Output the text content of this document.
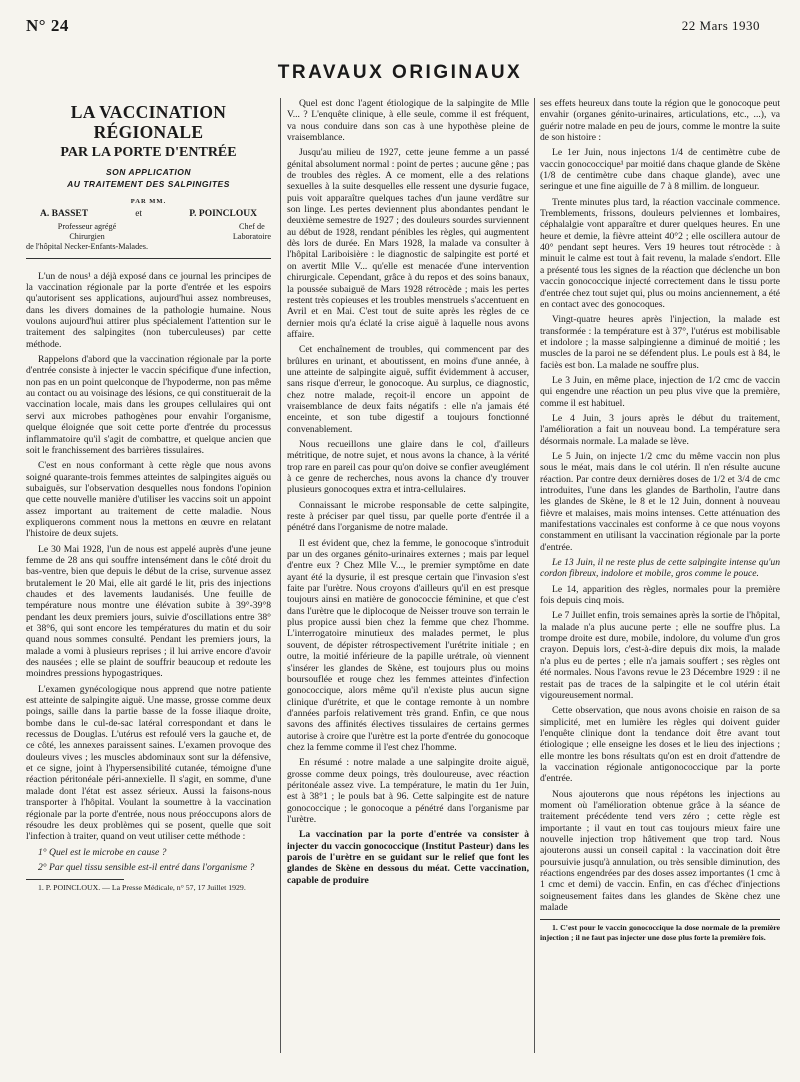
N° 24	22 Mars 1930
TRAVAUX ORIGINAUX
LA VACCINATION RÉGIONALE
PAR LA PORTE D'ENTRÉE
SON APPLICATION
AU TRAITEMENT DES SALPINGITES
PAR MM.
A. BASSET	et	P. POINCLOUX
Professeur agrégé
Chirurgien
de l'hôpital Necker-Enfants-Malades.
Chef de
Laboratoire

L'un de nous¹ a déjà exposé dans ce journal les principes de la vaccination régionale par la porte d'entrée et les espoirs qu'autorisent ses applications, aujourd'hui assez nombreuses, dans les divers domaines de la pathologie humaine. Nous voulons aujourd'hui attirer plus spécialement l'attention sur le traitement des salpingites (non tuberculeuses) par cette méthode.

Rappelons d'abord que la vaccination régionale par la porte d'entrée consiste à injecter le vaccin spécifique d'une infection, non pas en un point quelconque de l'hypoderme, non pas même au contact ou au voisinage des lésions, ce qui constituerait de la vaccination locale, mais dans les groupes cellulaires qui ont servi aux microbes pathogènes pour envahir l'organisme, quelque éloignée que soit cette porte d'entrée du processus inflammatoire qu'il s'agit de combattre, et quelque ancien que soit le franchissement des barrières tissulaires.

C'est en nous conformant à cette règle que nous avons soigné quarante-trois femmes atteintes de salpingites aiguës ou subaiguës, sur l'observation desquelles nous fondons l'opinion que cette nouvelle manière d'utiliser les vaccins soit un appoint assez important au traitement de cette maladie. Nous expliquerons comment nous la mettons en œuvre en relatant l'histoire de deux sujets.

Le 30 Mai 1928, l'un de nous est appelé auprès d'une jeune femme de 28 ans qui souffre intensément dans le côté droit du bas-ventre, bien que depuis le début de la crise, survenue assez brutalement le 20 Mai, elle ait gardé le lit, pris des injections chaudes et des lavements laudanisés. Une feuille de température nous montre une élévation subite à 39°-39°8 pendant les deux premiers jours, suivie d'oscillations entre 38° et 38°6, qui sont encore les températures du matin et du soir quand nous sommes consulté. Pendant les premiers jours, la malade a vomi à plusieurs reprises ; il lui arrive encore d'avoir des nausées ; elle se plaint de souffrir beaucoup et redoute les moindres pressions hypogastriques.

L'examen gynécologique nous apprend que notre patiente est atteinte de salpingite aiguë. Une masse, grosse comme deux poings, saille dans la partie basse de la fosse iliaque droite, bombe dans le cul-de-sac latéral correspondant et dans le recessus de Douglas. L'utérus est refoulé vers la gauche et, de ce côté, les annexes paraissent saines. L'examen provoque des douleurs vives ; les muscles abdominaux sont sur la défensive, et ce signe, joint à l'hypersensibilité cutanée, témoigne d'une réaction péritonéale péri-annexielle. Il s'agit, en somme, d'une malade dont l'état est assez sérieux. Aussi la faisons-nous transporter à l'hôpital. Voulant la soumettre à la vaccination régionale par la porte d'entrée, nous nous préoccupons alors de résoudre les deux problèmes qui se posent, quelle que soit l'infection à traiter, quand on veut utiliser cette méthode :

1° Quel est le microbe en cause ?

2° Par quel tissu sensible est-il entré dans l'organisme ?

1. P. POINCLOUX. — La Presse Médicale, n° 57, 17 Juillet 1929.

Quel est donc l'agent étiologique de la salpingite de Mlle V... ? L'enquête clinique, à elle seule, comme il est fréquent, va nous conduire dans son cas à une hypothèse pleine de vraisemblance.

Jusqu'au milieu de 1927, cette jeune femme a un passé génital absolument normal : point de pertes ; aucune gêne ; pas de troubles des règles. A ce moment, elle a des relations sexuelles à la suite desquelles elle ressent une dysurie fugace, puis voit apparaître quelques taches d'un jaune verdâtre sur son linge. Les pertes deviennent plus abondantes pendant le deuxième semestre de 1927 ; des douleurs sourdes surviennent au début de 1928, rendant pénibles les règles, qui augmentent dès lors de durée. En Mars 1928, la malade va consulter à l'hôpital Lariboisière : le diagnostic de salpingite est porté et on avertit Mlle V... qu'elle est menacée d'une intervention chirurgicale. Cependant, grâce à du repos et des soins banaux, la poussée subaiguë de Mars 1928 rétrocède ; mais les pertes restent très copieuses et les troubles menstruels s'accentuent en Avril et en Mai. C'est tout de suite après les règles de ce dernier mois qu'a éclaté la crise aiguë à laquelle nous avons affaire.

Cet enchaînement de troubles, qui commencent par des brûlures en urinant, et aboutissent, en moins d'une année, à une atteinte de salpingite aiguë, suffit évidemment à accuser, sans risque d'erreur, le gonocoque. Au surplus, ce diagnostic, chez notre malade, reçoit-il encore un appoint de vraisemblance de deux faits négatifs : elle n'a jamais été enceinte, et son tube digestif a toujours fonctionné convenablement.

Nous recueillons une glaire dans le col, d'ailleurs métritique, de notre sujet, et nous avons la chance, à la vérité trop rare en pareil cas pour qu'on doive se confier aveuglément à ce genre de recherches, nous avons la chance d'y trouver plusieurs gonocoques extra et intra-cellulaires.

Connaissant le microbe responsable de cette salpingite, reste à préciser par quel tissu, par quelle porte d'entrée il a pénétré dans l'organisme de notre malade.

Il est évident que, chez la femme, le gonocoque s'introduit par un des organes génito-urinaires externes ; mais par lequel d'entre eux ? Chez Mlle V..., le premier symptôme en date ayant été la dysurie, il est presque certain que l'invasion s'est faite par l'urètre. Nous croyons d'ailleurs qu'il en est presque toujours ainsi en matière de gonococcie féminine, et que c'est dans l'urètre que le diplocoque de Neisser trouve son terrain le plus propice aussi bien chez la femme que chez l'homme. L'interrogatoire minutieux des malades permet, le plus souvent, de dépister rétrospectivement l'urétrite initiale ; en outre, la moitié inférieure de la papille urétrale, où viennent s'insérer les glandes de Skène, est toujours plus ou moins boursouflée et rouge chez les femmes atteintes d'infection gonococcique, alors même qu'il n'existe plus aucun signe clinique d'urétrite, et que le contage remonte à un nombre d'années parfois relativement très grand. Enfin, ce que nous savons des affinités électives tissulaires de certains germes autorise à croire que l'urètre est la porte d'entrée du gonocoque chez la femme comme il l'est chez l'homme.

En résumé : notre malade a une salpingite droite aiguë, grosse comme deux poings, très douloureuse, avec réaction péritonéale assez vive. La température, le matin du 1er Juin, est à 38°1 ; le pouls bat à 96. Cette salpingite est de nature gonococcique ; le gonocoque a pénétré dans l'organisme par l'urètre.

La vaccination par la porte d'entrée va consister à injecter du vaccin gonococcique (Institut Pasteur) dans les parois de l'urètre en se guidant sur le relief que font les glandes de Skène en dessous du méat. Cette vaccination, capable de produire

ses effets heureux dans toute la région que le gonocoque peut envahir (organes génito-urinaires, articulations, etc., ...), va guérir notre malade en peu de jours, comme le montre la suite de son histoire :

Le 1er Juin, nous injectons 1/4 de centimètre cube de vaccin gonococcique¹ par moitié dans chaque glande de Skène (1/8 de centimètre cube dans chaque glande), avec une seringue et une fine aiguille de 7 à 8 millim. de longueur.

Trente minutes plus tard, la réaction vaccinale commence. Tremblements, frissons, douleurs pelviennes et lombaires, céphalalgie vont apparaître et durer quelques heures. En une heure et demie, la fièvre atteint 40°2 ; elle oscillera autour de 40° pendant sept heures. Vers 19 heures tout rétrocède : à minuit le calme est tout à fait revenu, la malade s'endort. Elle a présenté tous les signes de la réaction que déclenche un bon vaccin gonococcique injecté correctement dans le tissu porte d'entrée chez tout sujet qui, plus ou moins anciennement, a été en contact avec des gonocoques.

Vingt-quatre heures après l'injection, la malade est transformée : la température est à 37°, l'utérus est mobilisable et indolore ; la masse salpingienne a diminué de moitié ; les muscles de la paroi ne se défendent plus. Le pouls est à 84, le faciès est bon. La malade ne souffre plus.

Le 3 Juin, en même place, injection de 1/2 cmc de vaccin qui engendre une réaction un peu plus vive que la première, comme il est habituel.

Le 4 Juin, 3 jours après le début du traitement, l'amélioration a fait un nouveau bond. La température sera désormais normale. La malade se lève.

Le 5 Juin, on injecte 1/2 cmc du même vaccin non plus sous le méat, mais dans le col utérin. Il n'en résulte aucune réaction. Par contre deux dernières doses de 1/2 et 3/4 de cmc introduites, l'une dans les glandes de Bartholin, l'autre dans les glandes de Skène, le 8 et le 12 Juin, donnent à nouveau fièvre et malaises, mais moins intenses. Cette atténuation des manifestations vaccinales est conforme à ce que nous voyons constamment en utilisant la vaccination régionale par la porte d'entrée.

Le 13 Juin, il ne reste plus de cette salpingite intense qu'un cordon fibreux, indolore et mobile, gros comme le pouce.

Le 14, apparition des règles, normales pour la première fois depuis cinq mois.

Le 7 Juillet enfin, trois semaines après la sortie de l'hôpital, la malade n'a plus aucune perte ; elle ne souffre plus. La trompe droite est dure, mobile, indolore, du volume d'un gros crayon. Depuis lors, c'est-à-dire depuis dix mois, la malade n'a plus eu de pertes ; elle n'a jamais souffert ; ses règles ont été normales. Nous l'avons revue le 23 Décembre 1929 : il ne restait pas de traces de la salpingite et le col utérin était vigoureusement normal.

Cette observation, que nous avons choisie en raison de sa simplicité, met en lumière les règles qui doivent guider l'enquête clinique dont la tendance doit être avant tout étiologique ; elle enseigne les doses et le lieu des injections ; elle montre les bons résultats qu'on est en droit d'attendre de la vaccination régionale antigonococcique par la porte d'entrée.

Nous ajouterons que nous répétons les injections au moment où l'amélioration obtenue grâce à la séance de traitement précédente tend vers zéro ; cette règle est importante ; il vaut en tout cas toujours mieux faire une nouvelle injection trop hâtivement que trop tard. Nous ajouterons aussi un conseil capital : la vaccination doit être poursuivie jusqu'à annulation, ou très sensible diminution, des réactions engendrées par des doses assez importantes (1 cmc à 1 cmc et demi) de vaccin. Enfin, en cas d'échec d'injections soigneusement faites dans les glandes de Skène chez une malade

1. C'est pour le vaccin gonococcique la dose normale de la première injection ; il ne faut pas injecter une dose plus forte la première fois.
